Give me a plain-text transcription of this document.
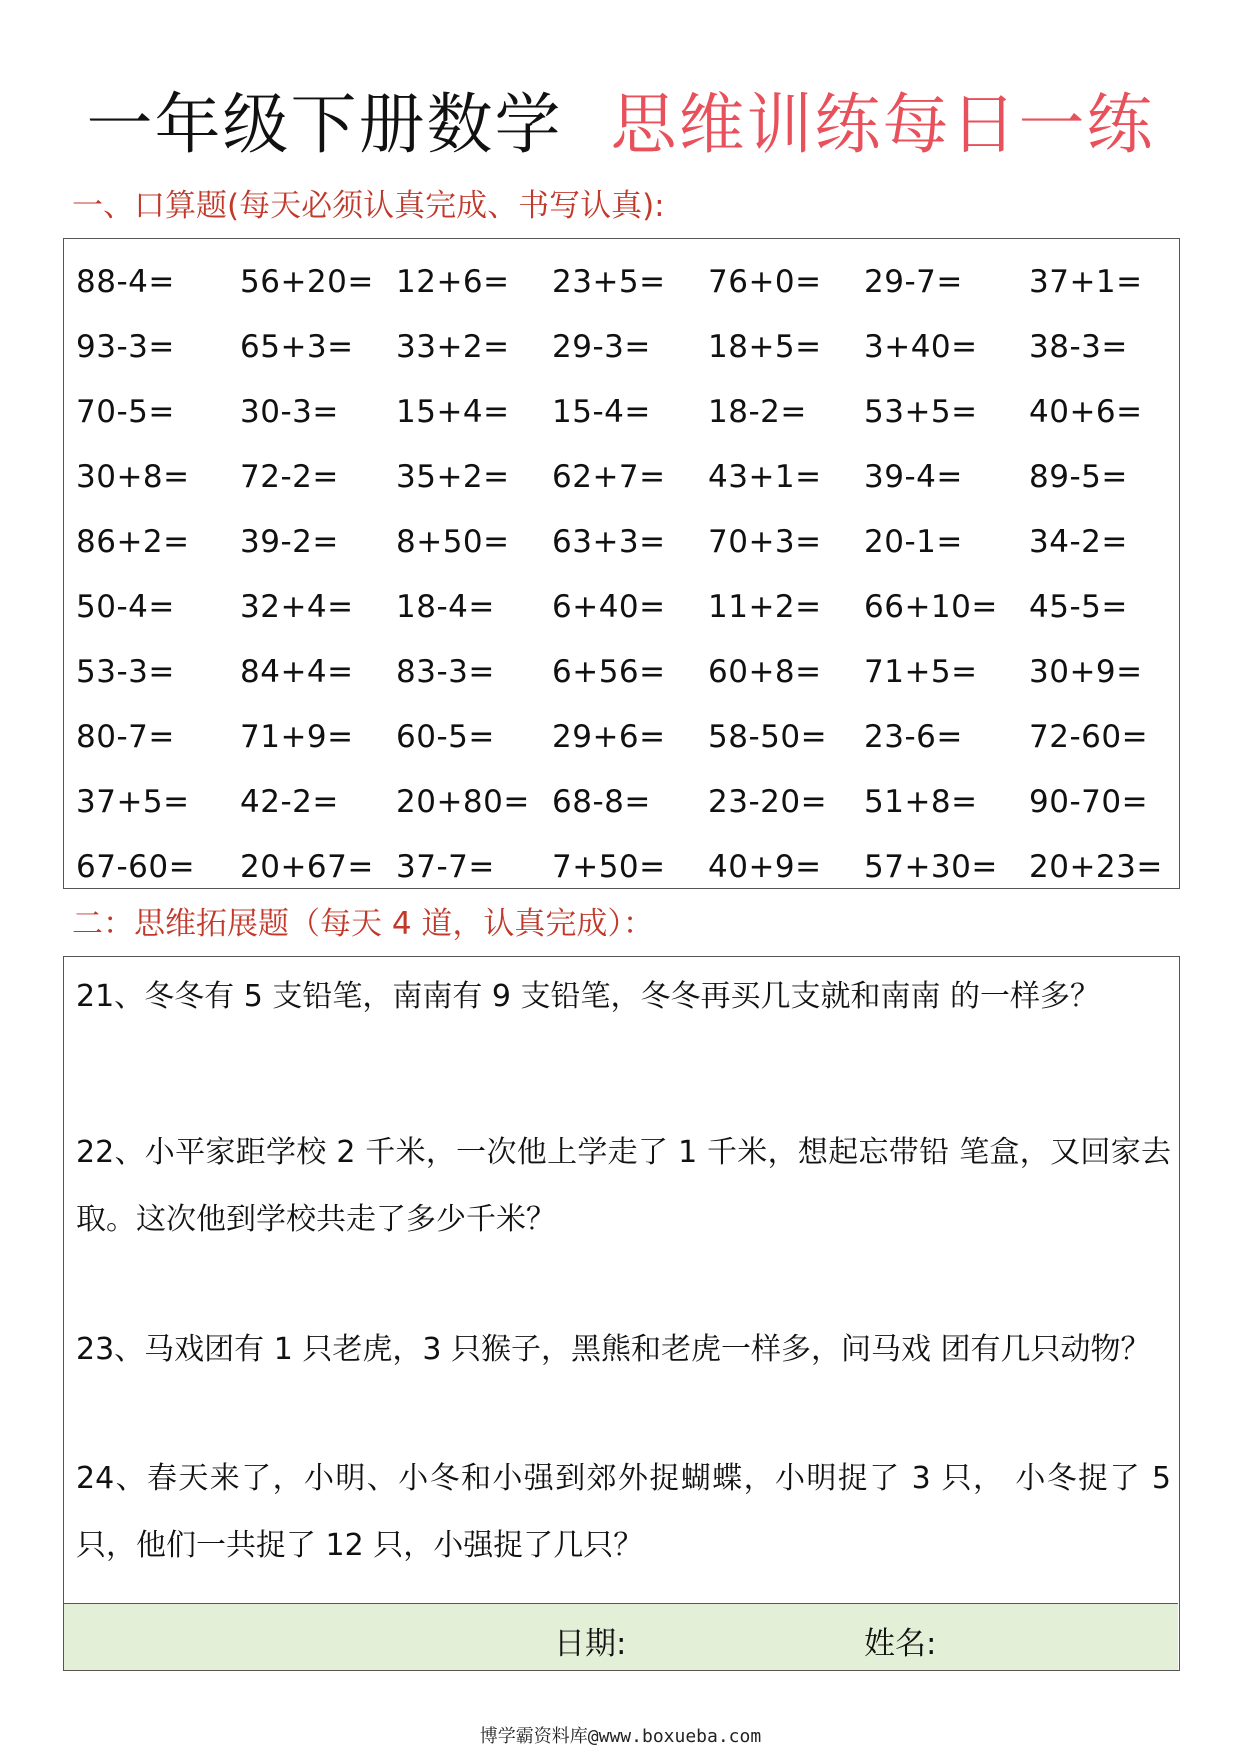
一年级下册数学 思维训练每日一练
一、口算题(每天必须认真完成、书写认真):
88-4=	56+20= 12+6=	23+5=	76+0=	29-7=	37+1=
93-3=	65+3=	33+2=	29-3=	18+5=	3+40=	38-3=
70-5=	30-3=	15+4=	15-4=	18-2=	53+5=	40+6=
30+8=	72-2=	35+2=	62+7=	43+1=	39-4=	89-5=
86+2=	39-2=	8+50=	63+3=	70+3=	20-1=	34-2=
50-4=	32+4=	18-4=	6+40=	11+2=	66+10=	45-5=
53-3=	84+4=	83-3=	6+56=	60+8=	71+5=	30+9=
80-7=	71+9=	60-5=	29+6=	58-50=	23-6=	72-60=
37+5=	42-2=	20+80= 68-8=	23-20=	51+8=	90-70=
67-60=	20+67= 37-7=	7+50=	40+9=	57+30=	20+23=
二：思维拓展题（每天 4 道，认真完成）：
21、冬冬有 5 支铅笔，南南有 9 支铅笔，冬冬再买几支就和南南 的一样多？
22、小平家距学校 2 千米，一次他上学走了 1 千米，想起忘带铅 笔盒，又回家去取。这次他到学校共走了多少千米？
23、马戏团有 1 只老虎，3 只猴子，黑熊和老虎一样多，问马戏 团有几只动物？
24、春天来了，小明、小冬和小强到郊外捉蝴蝶，小明捉了 3 只， 小冬捉了 5 只，他们一共捉了 12 只，小强捉了几只？
日期:	姓名:
博学霸资料库@www.boxueba.com
